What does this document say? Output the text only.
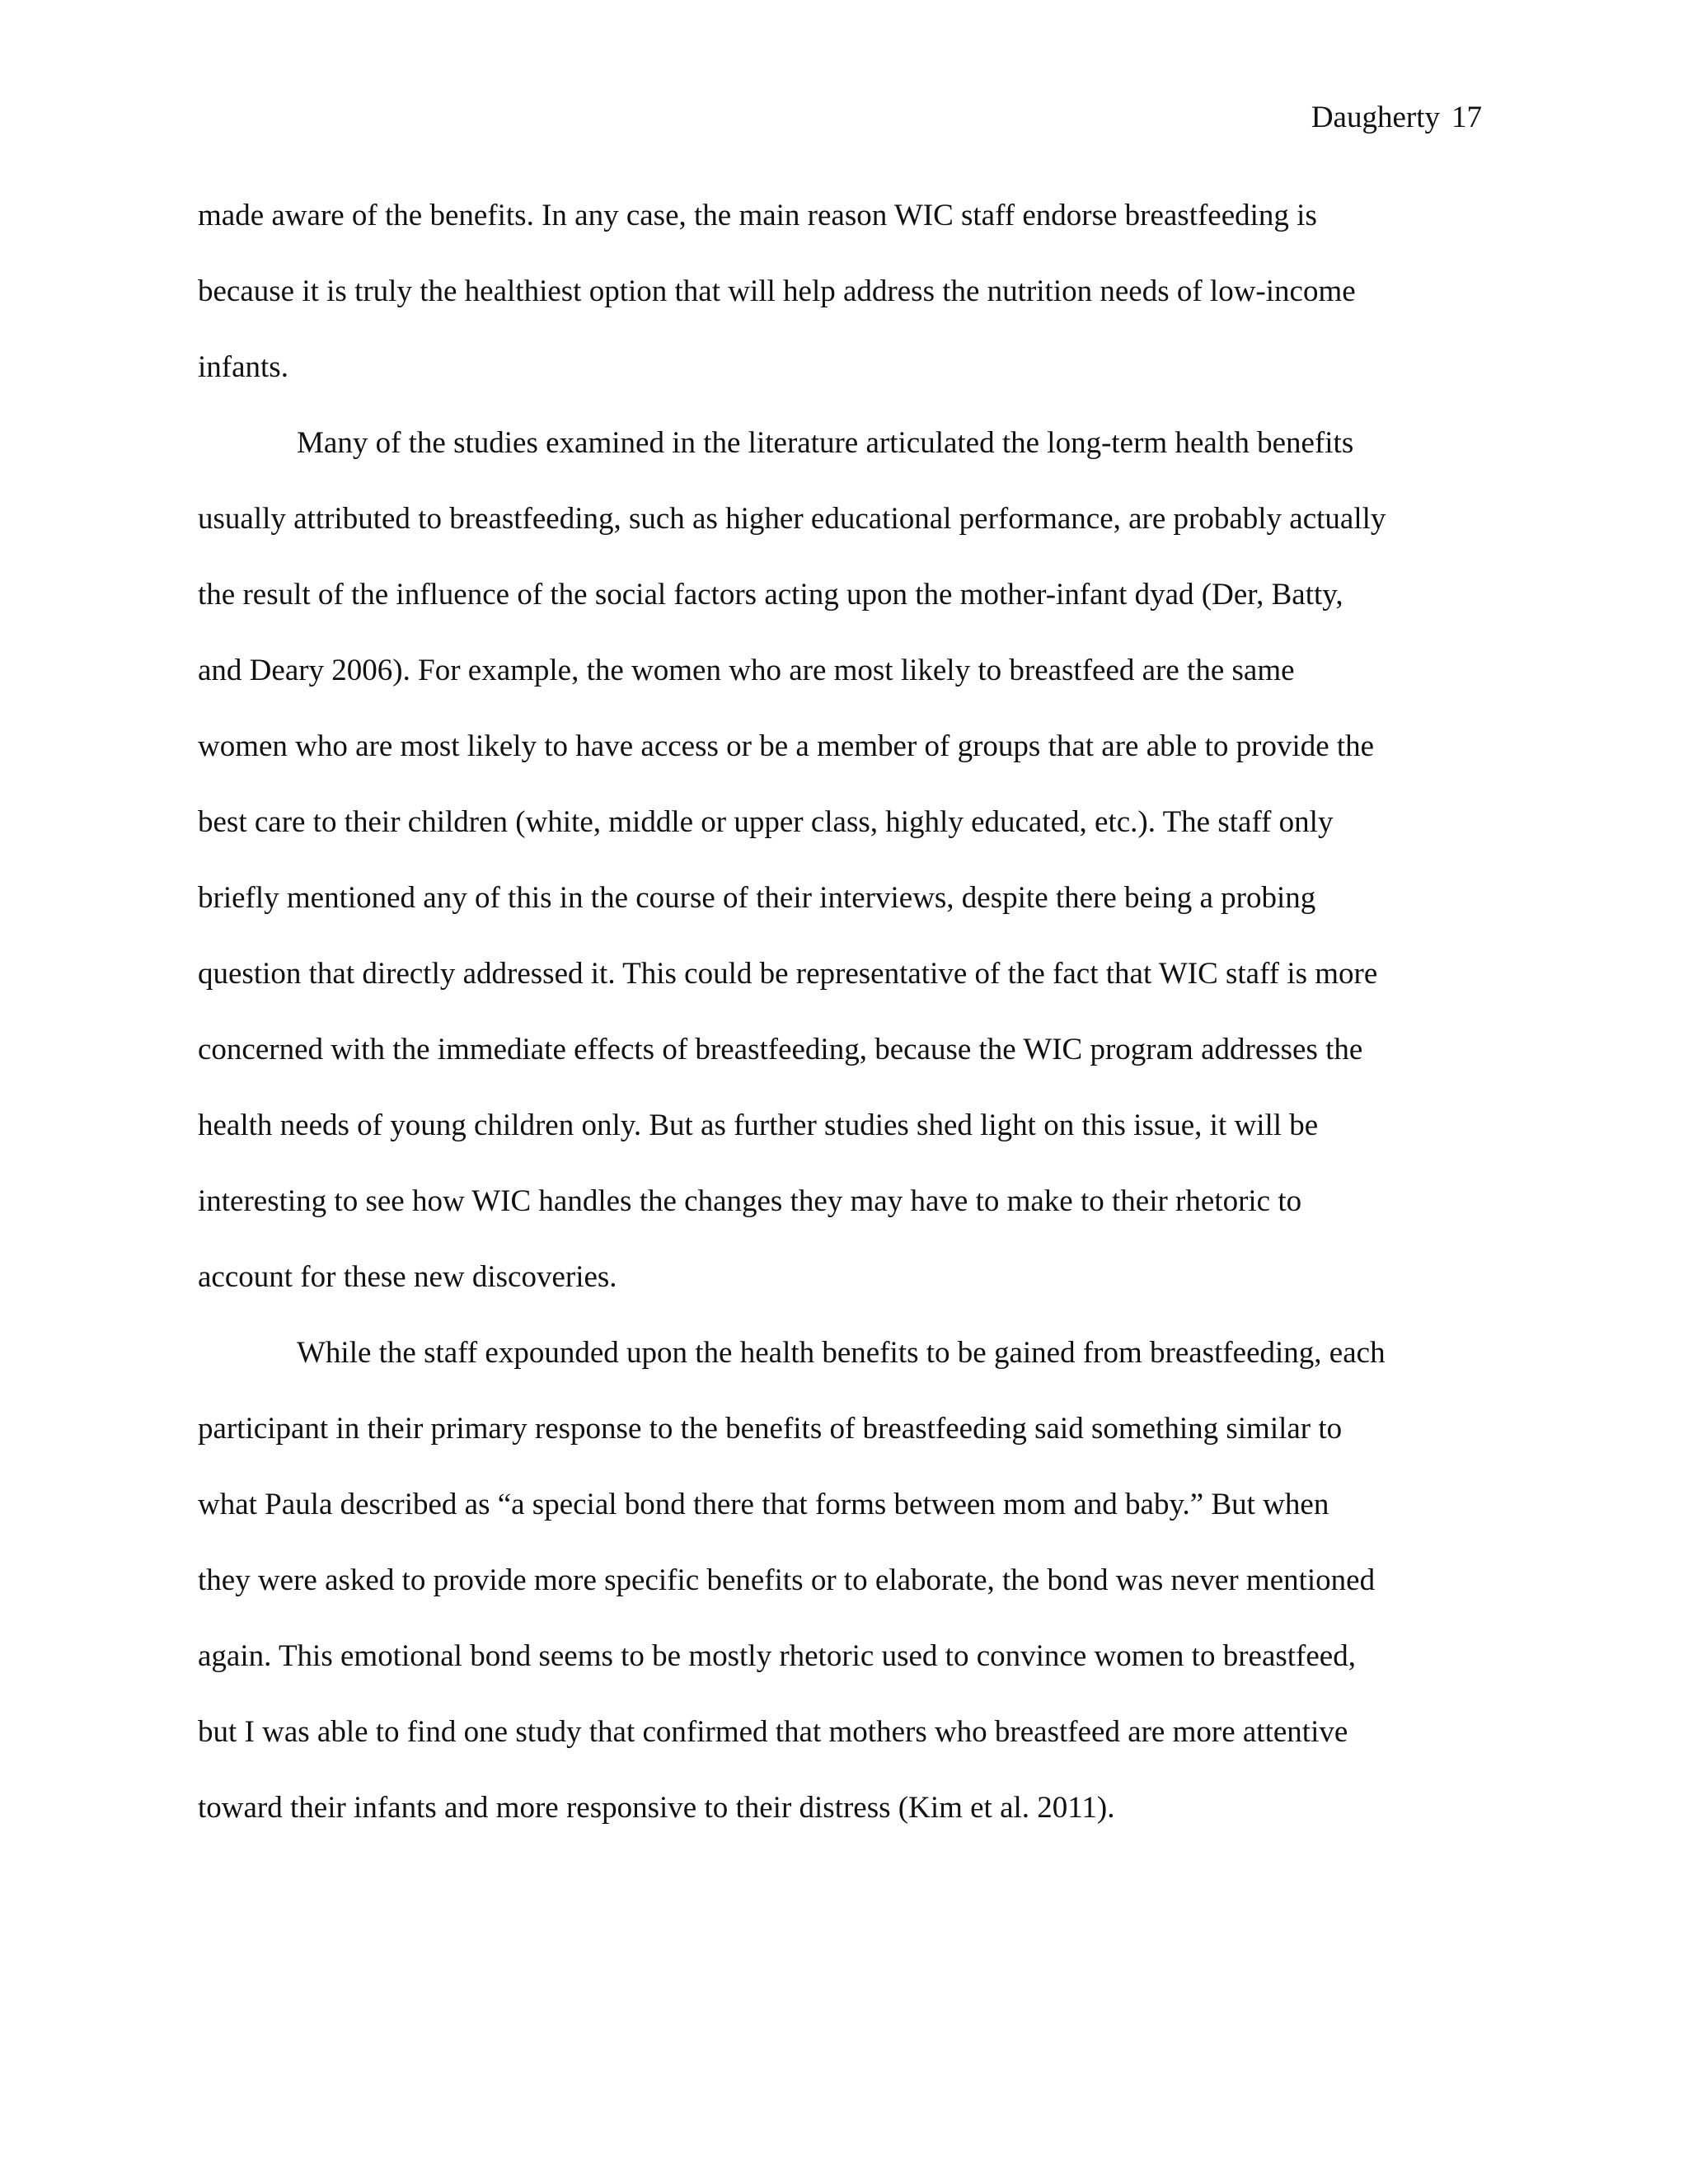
Daugherty 17
made aware of the benefits. In any case, the main reason WIC staff endorse breastfeeding is
because it is truly the healthiest option that will help address the nutrition needs of low-income
infants.
Many of the studies examined in the literature articulated the long-term health benefits
usually attributed to breastfeeding, such as higher educational performance, are probably actually
the result of the influence of the social factors acting upon the mother-infant dyad (Der, Batty,
and Deary 2006). For example, the women who are most likely to breastfeed are the same
women who are most likely to have access or be a member of groups that are able to provide the
best care to their children (white, middle or upper class, highly educated, etc.). The staff only
briefly mentioned any of this in the course of their interviews, despite there being a probing
question that directly addressed it. This could be representative of the fact that WIC staff is more
concerned with the immediate effects of breastfeeding, because the WIC program addresses the
health needs of young children only. But as further studies shed light on this issue, it will be
interesting to see how WIC handles the changes they may have to make to their rhetoric to
account for these new discoveries.
While the staff expounded upon the health benefits to be gained from breastfeeding, each
participant in their primary response to the benefits of breastfeeding said something similar to
what Paula described as “a special bond there that forms between mom and baby.” But when
they were asked to provide more specific benefits or to elaborate, the bond was never mentioned
again. This emotional bond seems to be mostly rhetoric used to convince women to breastfeed,
but I was able to find one study that confirmed that mothers who breastfeed are more attentive
toward their infants and more responsive to their distress (Kim et al. 2011).
